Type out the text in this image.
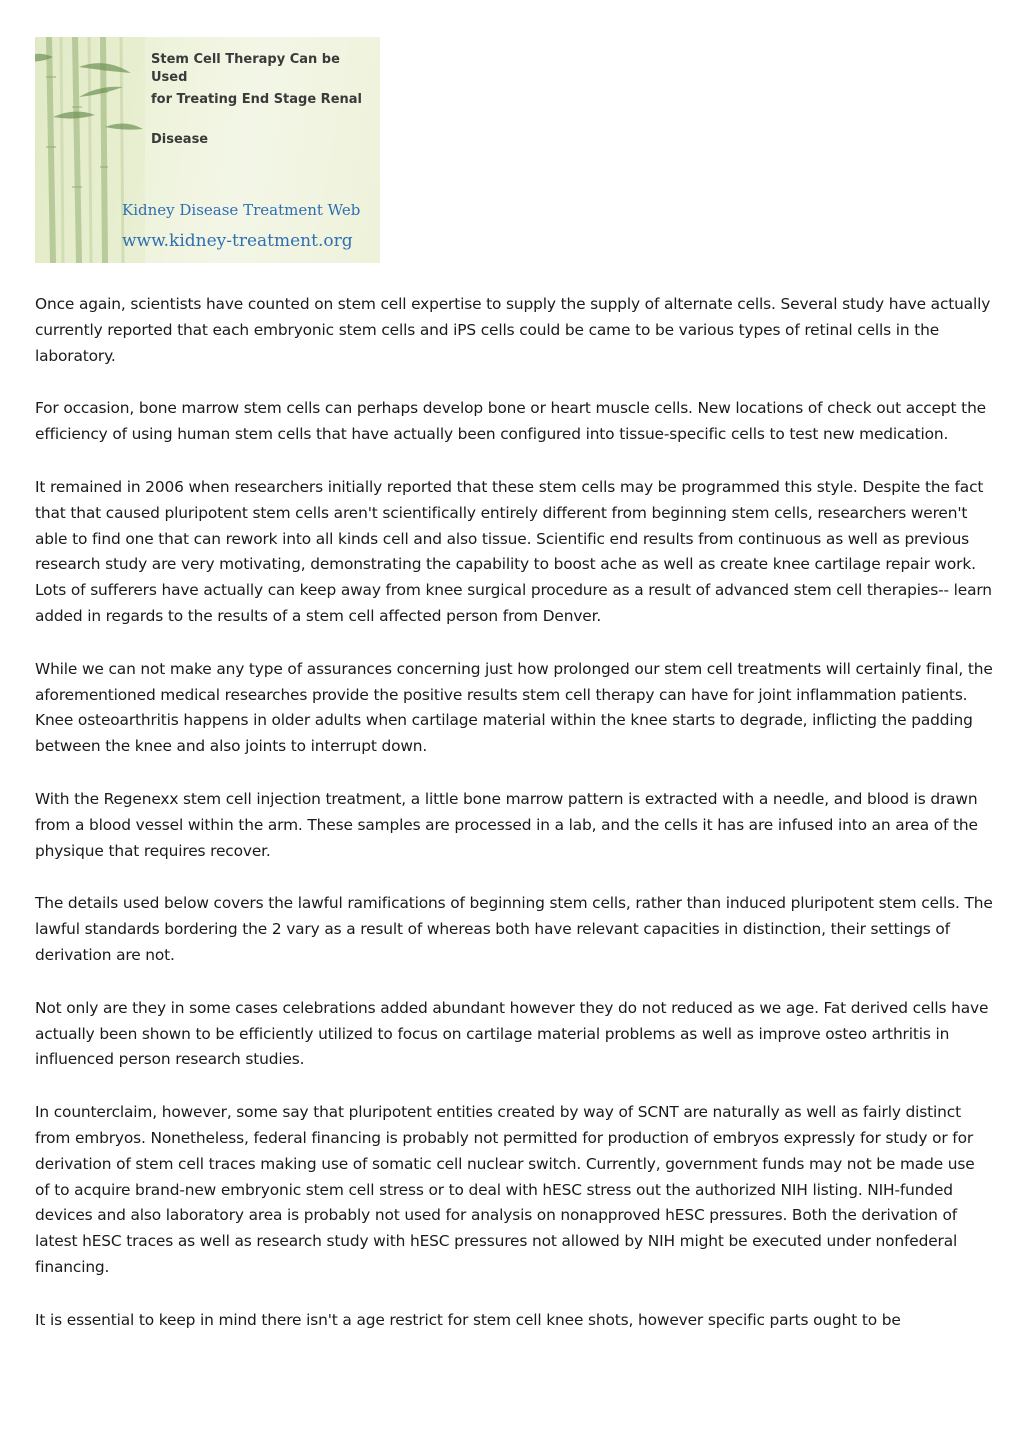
Stem Cell Therapy Can be Used
for Treating End Stage Renal
Disease
Kidney Disease Treatment Web
www.kidney-treatment.org

Once again, scientists have counted on stem cell expertise to supply the supply of alternate cells. Several study have actually currently reported that each embryonic stem cells and iPS cells could be came to be various types of retinal cells in the laboratory.

For occasion, bone marrow stem cells can perhaps develop bone or heart muscle cells. New locations of check out accept the efficiency of using human stem cells that have actually been configured into tissue-specific cells to test new medication.

It remained in 2006 when researchers initially reported that these stem cells may be programmed this style. Despite the fact that that caused pluripotent stem cells aren't scientifically entirely different from beginning stem cells, researchers weren't able to find one that can rework into all kinds cell and also tissue. Scientific end results from continuous as well as previous research study are very motivating, demonstrating the capability to boost ache as well as create knee cartilage repair work. Lots of sufferers have actually can keep away from knee surgical procedure as a result of advanced stem cell therapies-- learn added in regards to the results of a stem cell affected person from Denver.

While we can not make any type of assurances concerning just how prolonged our stem cell treatments will certainly final, the aforementioned medical researches provide the positive results stem cell therapy can have for joint inflammation patients. Knee osteoarthritis happens in older adults when cartilage material within the knee starts to degrade, inflicting the padding between the knee and also joints to interrupt down.

With the Regenexx stem cell injection treatment, a little bone marrow pattern is extracted with a needle, and blood is drawn from a blood vessel within the arm. These samples are processed in a lab, and the cells it has are infused into an area of the physique that requires recover.

The details used below covers the lawful ramifications of beginning stem cells, rather than induced pluripotent stem cells. The lawful standards bordering the 2 vary as a result of whereas both have relevant capacities in distinction, their settings of derivation are not.

Not only are they in some cases celebrations added abundant however they do not reduced as we age. Fat derived cells have actually been shown to be efficiently utilized to focus on cartilage material problems as well as improve osteo arthritis in influenced person research studies.

In counterclaim, however, some say that pluripotent entities created by way of SCNT are naturally as well as fairly distinct from embryos. Nonetheless, federal financing is probably not permitted for production of embryos expressly for study or for derivation of stem cell traces making use of somatic cell nuclear switch. Currently, government funds may not be made use of to acquire brand-new embryonic stem cell stress or to deal with hESC stress out the authorized NIH listing. NIH-funded devices and also laboratory area is probably not used for analysis on nonapproved hESC pressures. Both the derivation of latest hESC traces as well as research study with hESC pressures not allowed by NIH might be executed under nonfederal financing.

It is essential to keep in mind there isn't a age restrict for stem cell knee shots, however specific parts ought to be
